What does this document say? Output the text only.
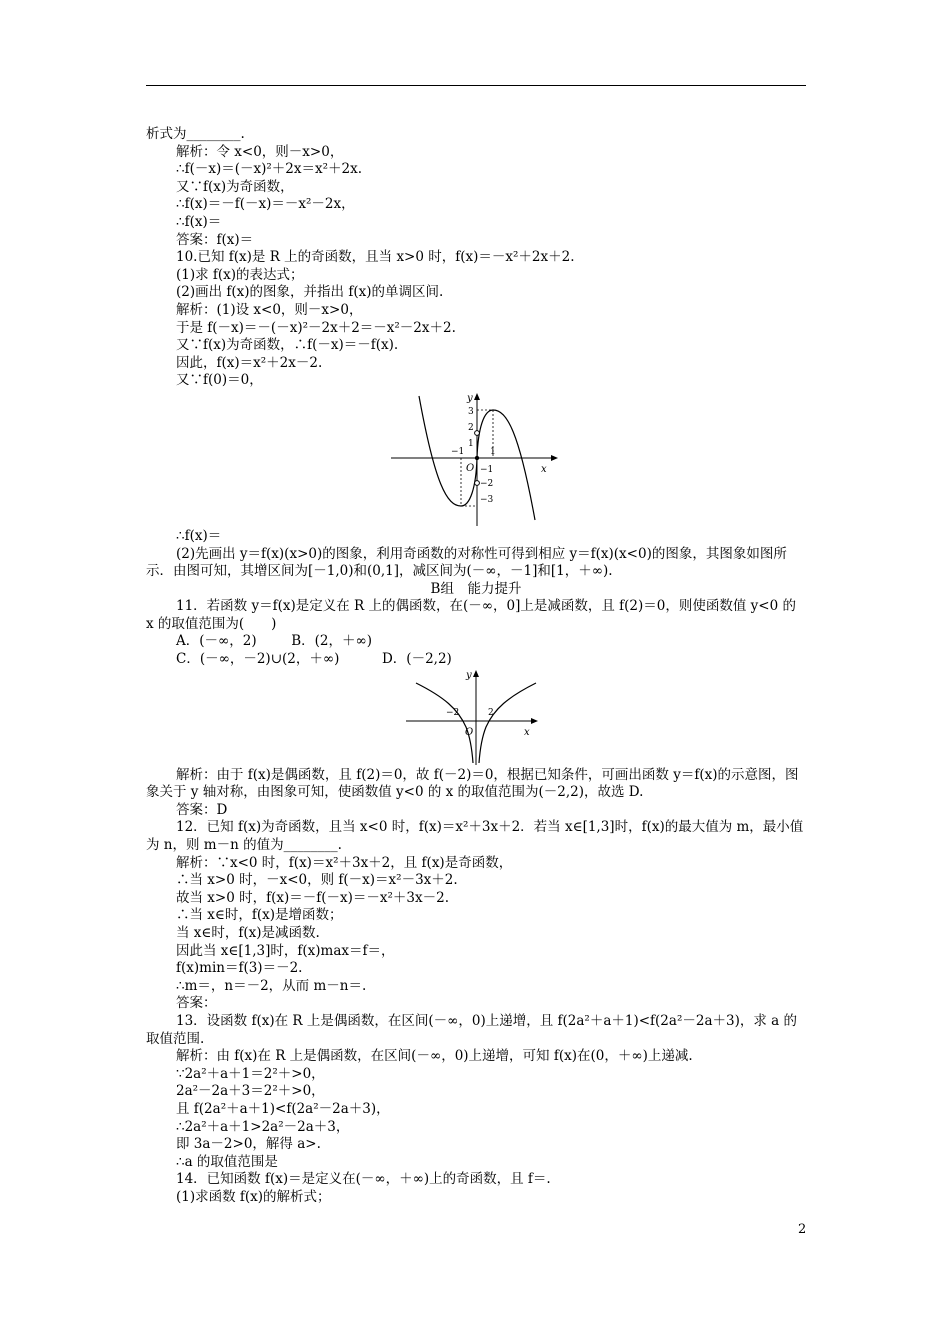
析式为________.
解析：令 x<0，则－x>0，
∴f(－x)＝(－x)²＋2x＝x²＋2x.
又∵f(x)为奇函数，
∴f(x)＝－f(－x)＝－x²－2x，
∴f(x)＝
答案：f(x)＝
10.已知 f(x)是 R 上的奇函数，且当 x>0 时，f(x)＝－x²＋2x＋2.
(1)求 f(x)的表达式；
(2)画出 f(x)的图象，并指出 f(x)的单调区间.
解析：(1)设 x<0，则－x>0，
于是 f(－x)＝－(－x)²－2x＋2＝－x²－2x＋2.
又∵f(x)为奇函数，∴f(－x)＝－f(x).
因此，f(x)＝x²＋2x－2.
又∵f(0)＝0，
y
x
O
3
2
1
−1
−2
−3
−1	1
∴f(x)＝
(2)先画出 y＝f(x)(x>0)的图象，利用奇函数的对称性可得到相应 y＝f(x)(x<0)的图象，其图象如图所示．由图可知，其增区间为[－1,0)和(0,1]，减区间为(－∞，－1]和[1，＋∞).
B组　能力提升
11．若函数 y＝f(x)是定义在 R 上的偶函数，在(－∞，0]上是减函数，且 f(2)＝0，则使函数值 y<0 的 x 的取值范围为(　　)
A．(－∞，2)	B．(2，＋∞)
C．(－∞，－2)∪(2，＋∞)	D．(－2,2)
y
x
O
−2	2
解析：由于 f(x)是偶函数，且 f(2)＝0，故 f(－2)＝0，根据已知条件，可画出函数 y＝f(x)的示意图，图象关于 y 轴对称，由图象可知，使函数值 y<0 的 x 的取值范围为(－2,2)，故选 D.
答案：D
12．已知 f(x)为奇函数，且当 x<0 时，f(x)＝x²＋3x＋2．若当 x∈[1,3]时，f(x)的最大值为 m，最小值为 n，则 m－n 的值为________.
解析：∵x<0 时，f(x)＝x²＋3x＋2，且 f(x)是奇函数，
∴当 x>0 时，－x<0，则 f(－x)＝x²－3x＋2.
故当 x>0 时，f(x)＝－f(－x)＝－x²＋3x－2.
∴当 x∈时，f(x)是增函数；
当 x∈时，f(x)是减函数.
因此当 x∈[1,3]时，f(x)max＝f＝，
f(x)min＝f(3)＝－2.
∴m＝，n＝－2，从而 m－n＝.
答案：
13．设函数 f(x)在 R 上是偶函数，在区间(－∞，0)上递增，且 f(2a²＋a＋1)<f(2a²－2a＋3)，求 a 的取值范围.
解析：由 f(x)在 R 上是偶函数，在区间(－∞，0)上递增，可知 f(x)在(0，＋∞)上递减.
∵2a²＋a＋1＝2²＋>0，
2a²－2a＋3＝2²＋>0，
且 f(2a²＋a＋1)<f(2a²－2a＋3)，
∴2a²＋a＋1>2a²－2a＋3，
即 3a－2>0，解得 a>.
∴a 的取值范围是
14．已知函数 f(x)＝是定义在(－∞，＋∞)上的奇函数，且 f＝.
(1)求函数 f(x)的解析式；
2
